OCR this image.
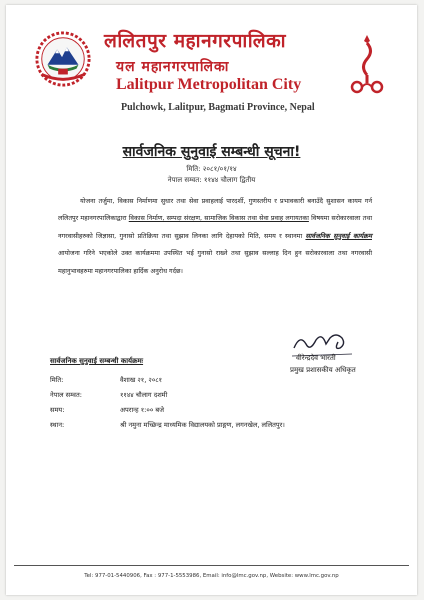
ललितपुर महानगरपालिका
यल महानगरपालिका
Lalitpur Metropolitan City
Pulchowk, Lalitpur, Bagmati Province, Nepal
सार्वजनिक सुनुवाई सम्बन्धी सूचना!
मिति: २०८१/०१/१४
नेपाल सम्वत: ११४४ चौलाग द्वितीय

योजना तर्जुमा, विकास निर्माणमा सुधार तथा सेवा प्रवाहलाई पारदर्शी, गुणस्तरीय र प्रभावकारी बनाउँदै सुशासन कायम गर्न ललितपुर महानगरपालिकाद्वारा विकास निर्माण, सम्पदा संरक्षण, सामाजिक विकास तथा सेवा प्रवाह लगायतका विषयमा सरोकारवाला तथा नगरवासीहरुको जिज्ञासा, गुनासो प्रतिक्रिया तथा सुझाव लिनका लागि देहायको मिति, समय र स्थानमा सार्वजनिक सुनुवाई कार्यक्रम आयोजना गरिने भएकोले उक्त कार्यक्रममा उपस्थित भई गुनासो राख्ने तथा सुझाव सल्लाह दिन हुन सरोकारवाला तथा नगरवासी महानुभावहरुमा महानगरपालिका हार्दिक अनुरोध गर्दछ।

वीरेन्द्रदेव भारती
प्रमुख प्रशासकीय अधिकृत
सार्वजनिक सुनुवाई सम्बन्धी कार्यक्रमः
मिति:	वैशाख २१, २०८१
नेपाल सम्वत:	११४४ चौलाग दशमी
समय:	अपरान्ह १:०० बजे
स्थान:	श्री नमुना मच्छिन्द्र माध्यमिक विद्यालयको प्राङ्गण, लगनखेल, ललितपुर।
Tel: 977-01-5440906, Fax : 977-1-5553986, Email: info@lmc.gov.np, Website: www.lmc.gov.np
